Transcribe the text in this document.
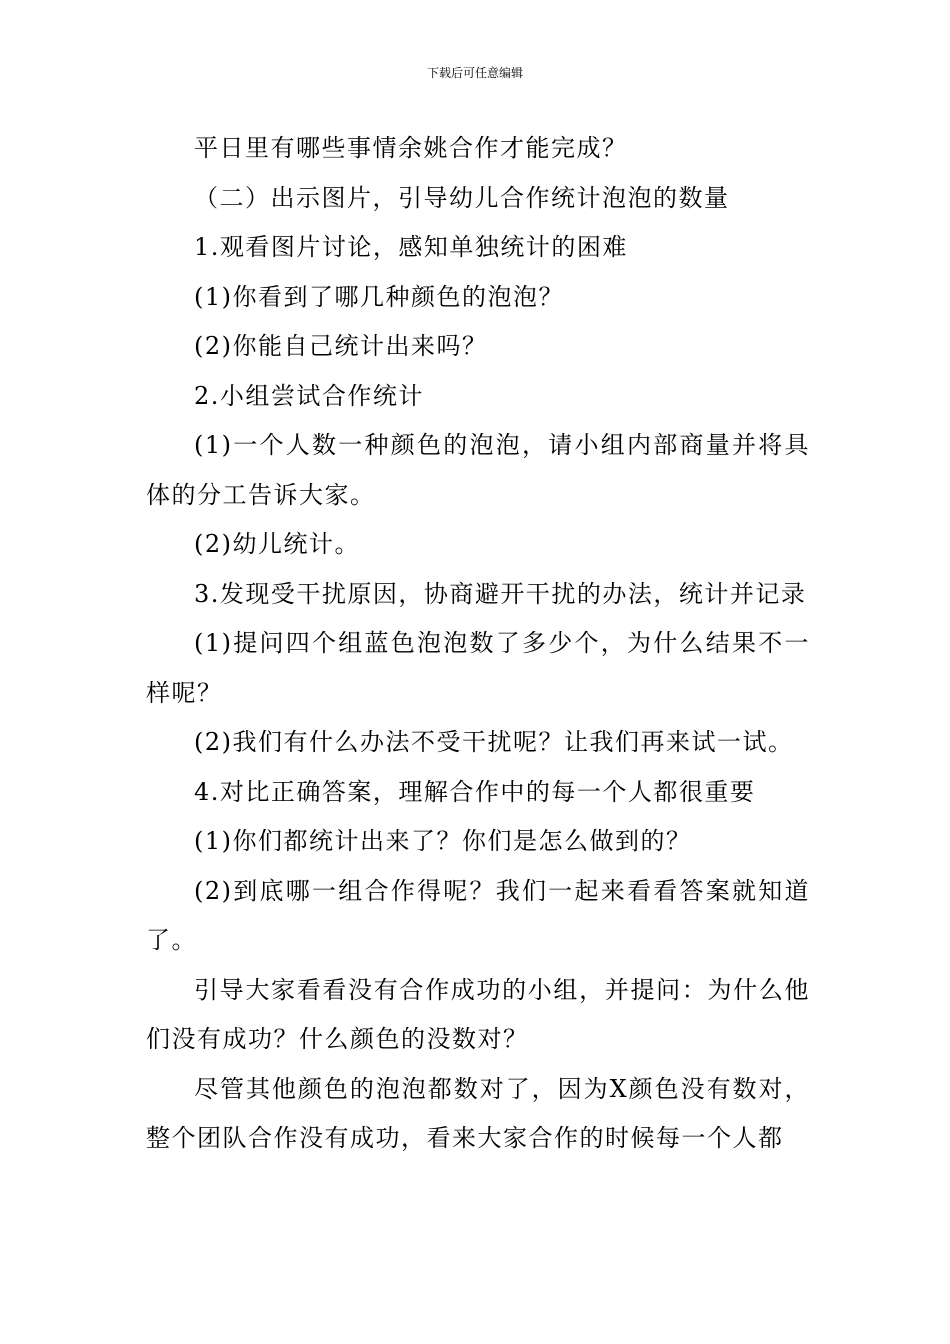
下载后可任意编辑

平日里有哪些事情余姚合作才能完成？

（二）出示图片，引导幼儿合作统计泡泡的数量

1.观看图片讨论，感知单独统计的困难

(1)你看到了哪几种颜色的泡泡？

(2)你能自己统计出来吗？

2.小组尝试合作统计

(1)一个人数一种颜色的泡泡，请小组内部商量并将具体的分工告诉大家。

(2)幼儿统计。

3.发现受干扰原因，协商避开干扰的办法，统计并记录

(1)提问四个组蓝色泡泡数了多少个，为什么结果不一样呢？

(2)我们有什么办法不受干扰呢？让我们再来试一试。

4.对比正确答案，理解合作中的每一个人都很重要

(1)你们都统计出来了？你们是怎么做到的？

(2)到底哪一组合作得呢？我们一起来看看答案就知道了。

引导大家看看没有合作成功的小组，并提问：为什么他们没有成功？什么颜色的没数对？

尽管其他颜色的泡泡都数对了，因为X颜色没有数对，整个团队合作没有成功，看来大家合作的时候每一个人都
